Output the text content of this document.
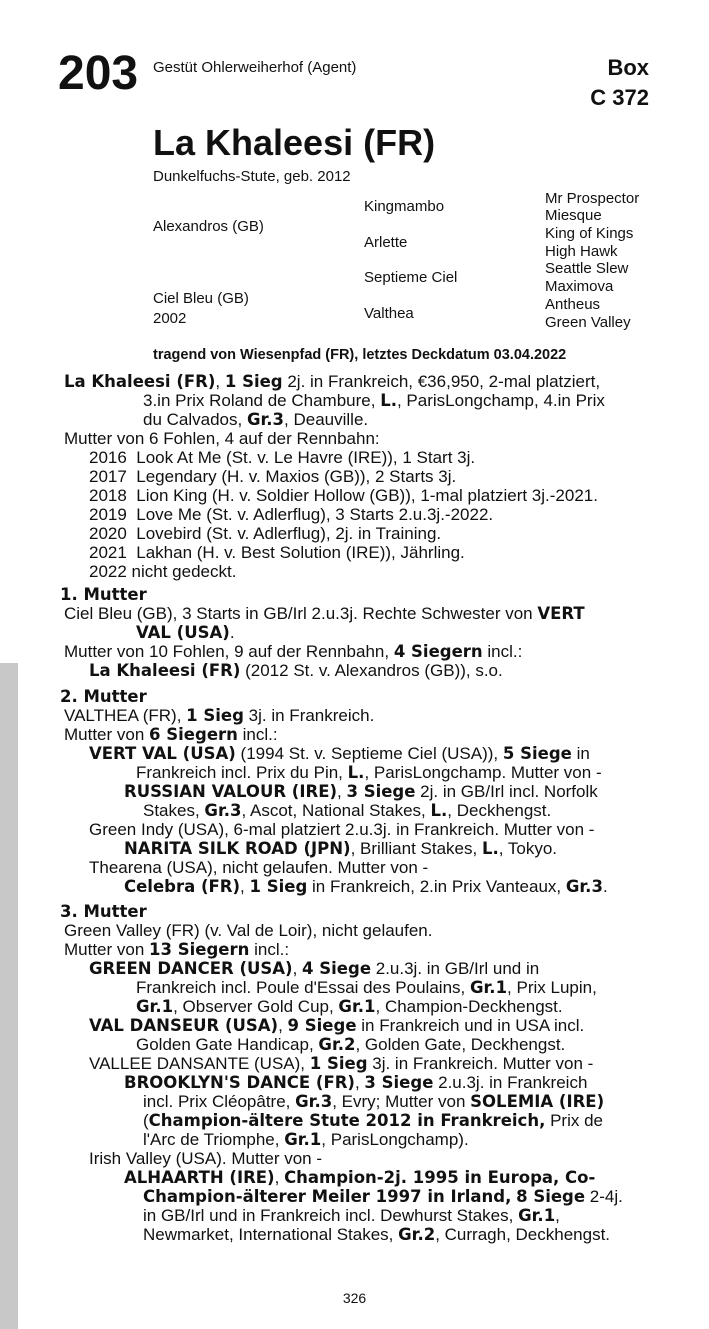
203 Gestüt Ohlerweiherhof (Agent)	Box
C 372
La Khaleesi (FR)
Dunkelfuchs-Stute, geb. 2012
Alexandros (GB)
Ciel Bleu (GB)
2002
Kingmambo
Arlette
Septieme Ciel
Valthea
Mr Prospector
Miesque
King of Kings
High Hawk
Seattle Slew
Maximova
Antheus
Green Valley
tragend von Wiesenpfad (FR), letztes Deckdatum 03.04.2022
La Khaleesi (FR), 1 Sieg 2j. in Frankreich, €36,950, 2-mal platziert,
3.in Prix Roland de Chambure, L., ParisLongchamp, 4.in Prix
du Calvados, Gr.3, Deauville.
Mutter von 6 Fohlen, 4 auf der Rennbahn:
2016  Look At Me (St. v. Le Havre (IRE)), 1 Start 3j.
2017  Legendary (H. v. Maxios (GB)), 2 Starts 3j.
2018  Lion King (H. v. Soldier Hollow (GB)), 1-mal platziert 3j.-2021.
2019  Love Me (St. v. Adlerflug), 3 Starts 2.u.3j.-2022.
2020  Lovebird (St. v. Adlerflug), 2j. in Training.
2021  Lakhan (H. v. Best Solution (IRE)), Jährling.
2022 nicht gedeckt.
1. Mutter
Ciel Bleu (GB), 3 Starts in GB/Irl 2.u.3j. Rechte Schwester von VERT
VAL (USA).
Mutter von 10 Fohlen, 9 auf der Rennbahn, 4 Siegern incl.:
La Khaleesi (FR) (2012 St. v. Alexandros (GB)), s.o.
2. Mutter
VALTHEA (FR), 1 Sieg 3j. in Frankreich.
Mutter von 6 Siegern incl.:
VERT VAL (USA) (1994 St. v. Septieme Ciel (USA)), 5 Siege in
Frankreich incl. Prix du Pin, L., ParisLongchamp. Mutter von -
RUSSIAN VALOUR (IRE), 3 Siege 2j. in GB/Irl incl. Norfolk
Stakes, Gr.3, Ascot, National Stakes, L., Deckhengst.
Green Indy (USA), 6-mal platziert 2.u.3j. in Frankreich. Mutter von -
NARITA SILK ROAD (JPN), Brilliant Stakes, L., Tokyo.
Thearena (USA), nicht gelaufen. Mutter von -
Celebra (FR), 1 Sieg in Frankreich, 2.in Prix Vanteaux, Gr.3.
3. Mutter
Green Valley (FR) (v. Val de Loir), nicht gelaufen.
Mutter von 13 Siegern incl.:
GREEN DANCER (USA), 4 Siege 2.u.3j. in GB/Irl und in
Frankreich incl. Poule d'Essai des Poulains, Gr.1, Prix Lupin,
Gr.1, Observer Gold Cup, Gr.1, Champion-Deckhengst.
VAL DANSEUR (USA), 9 Siege in Frankreich und in USA incl.
Golden Gate Handicap, Gr.2, Golden Gate, Deckhengst.
VALLEE DANSANTE (USA), 1 Sieg 3j. in Frankreich. Mutter von -
BROOKLYN'S DANCE (FR), 3 Siege 2.u.3j. in Frankreich
incl. Prix Cléopâtre, Gr.3, Evry; Mutter von SOLEMIA (IRE)
(Champion-ältere Stute 2012 in Frankreich, Prix de
l'Arc de Triomphe, Gr.1, ParisLongchamp).
Irish Valley (USA). Mutter von -
ALHAARTH (IRE), Champion-2j. 1995 in Europa, Co-
Champion-älterer Meiler 1997 in Irland, 8 Siege 2-4j.
in GB/Irl und in Frankreich incl. Dewhurst Stakes, Gr.1,
Newmarket, International Stakes, Gr.2, Curragh, Deckhengst.
326
